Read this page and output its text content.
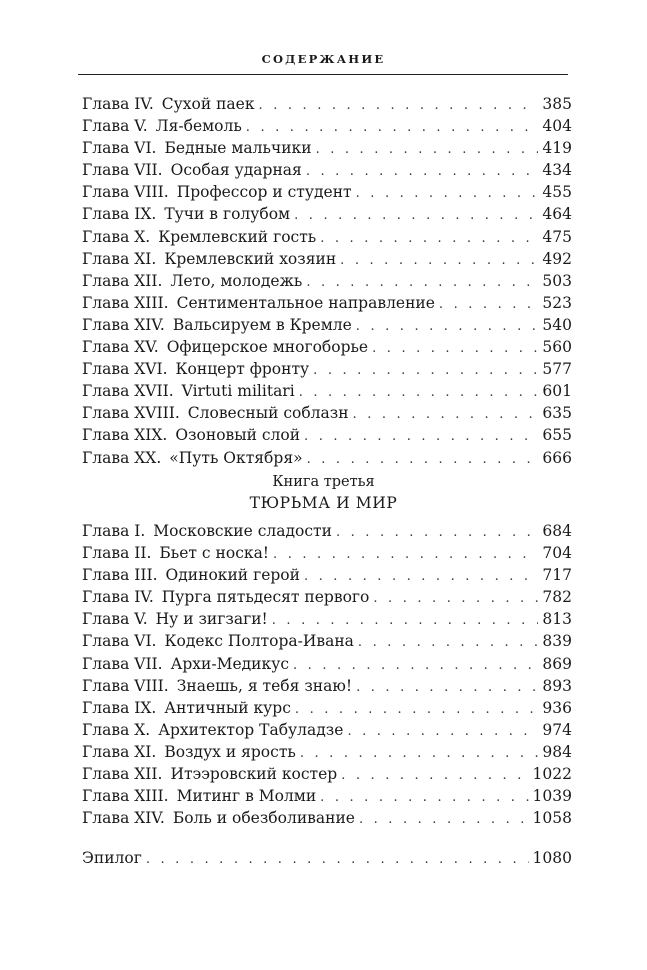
СОДЕРЖАНИЕ
Глава IV. Сухой паек . . .	385
Глава V. Ля-бемоль . . .	404
Глава VI. Бедные мальчики . . .	419
Глава VII. Особая ударная . . .	434
Глава VIII. Профессор и студент . . .	455
Глава IX. Тучи в голубом . . .	464
Глава X. Кремлевский гость . . .	475
Глава XI. Кремлевский хозяин . . .	492
Глава XII. Лето, молодежь . . .	503
Глава XIII. Сентиментальное направление . . .	523
Глава XIV. Вальсируем в Кремле . . .	540
Глава XV. Офицерское многоборье . . .	560
Глава XVI. Концерт фронту . . .	577
Глава XVII. Virtuti militari . . .	601
Глава XVIII. Словесный соблазн . . .	635
Глава XIX. Озоновый слой . . .	655
Глава XX. «Путь Октября» . . .	666
Книга третья
ТЮРЬМА И МИР
Глава I. Московские сладости . . .	684
Глава II. Бьет с носка! . . .	704
Глава III. Одинокий герой . . .	717
Глава IV. Пурга пятьдесят первого . . .	782
Глава V. Ну и зигзаги! . . .	813
Глава VI. Кодекс Полтора-Ивана . . .	839
Глава VII. Архи-Медикус . . .	869
Глава VIII. Знаешь, я тебя знаю! . . .	893
Глава IX. Античный курс . . .	936
Глава X. Архитектор Табуладзе . . .	974
Глава XI. Воздух и ярость . . .	984
Глава XII. Итээровский костер . . .	1022
Глава XIII. Митинг в Молми . . .	1039
Глава XIV. Боль и обезболивание . . .	1058
Эпилог . . .	1080
